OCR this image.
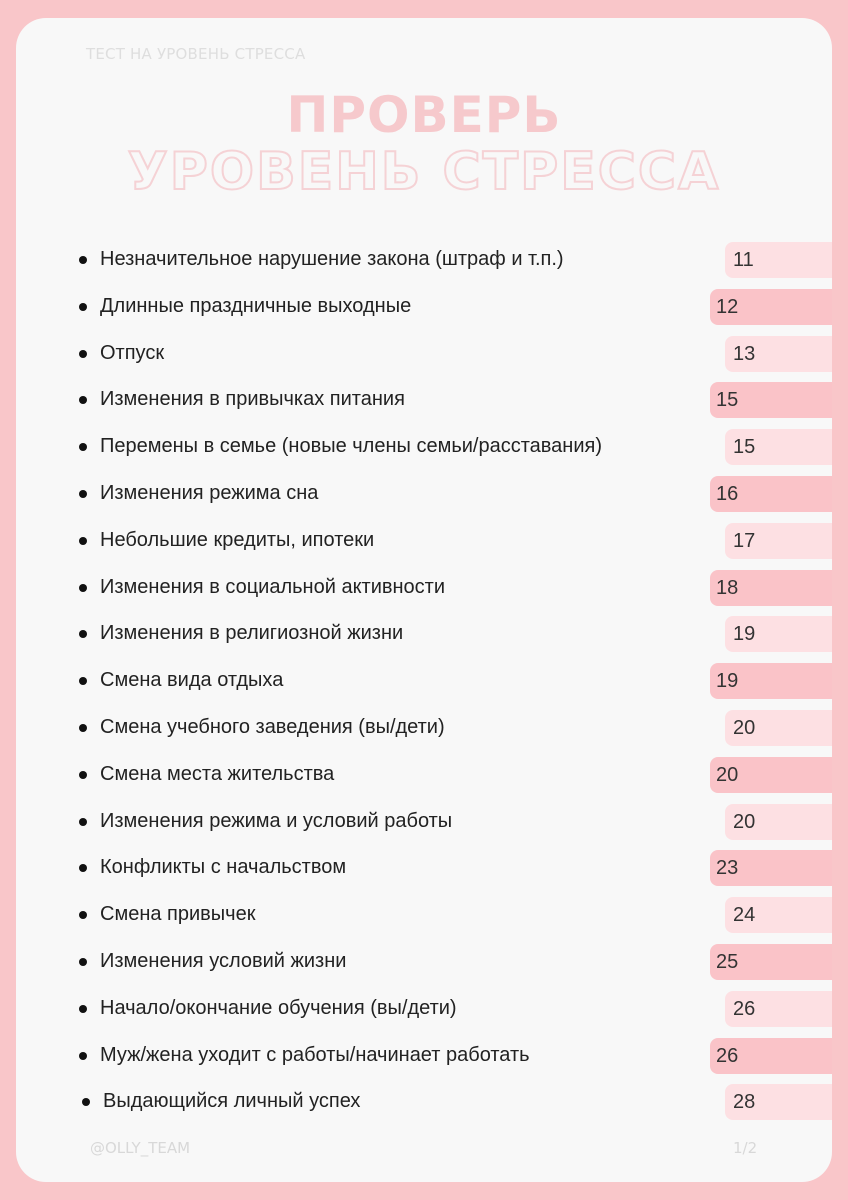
ТЕСТ НА УРОВЕНЬ СТРЕССА
ПРОВЕРЬ
УРОВЕНЬ СТРЕССА
Незначительное нарушение закона (штраф и т.п.)	11
Длинные праздничные выходные	12
Отпуск	13
Изменения в привычках питания	15
Перемены в семье (новые члены семьи/расставания)	15
Изменения режима сна	16
Небольшие кредиты, ипотеки	17
Изменения в социальной активности	18
Изменения в религиозной жизни	19
Смена вида отдыха	19
Смена учебного заведения (вы/дети)	20
Смена места жительства	20
Изменения режима и условий работы	20
Конфликты с начальством	23
Смена привычек	24
Изменения условий жизни	25
Начало/окончание обучения (вы/дети)	26
Муж/жена уходит с работы/начинает работать	26
Выдающийся личный успех	28
@OLLY_TEAM	1/2
